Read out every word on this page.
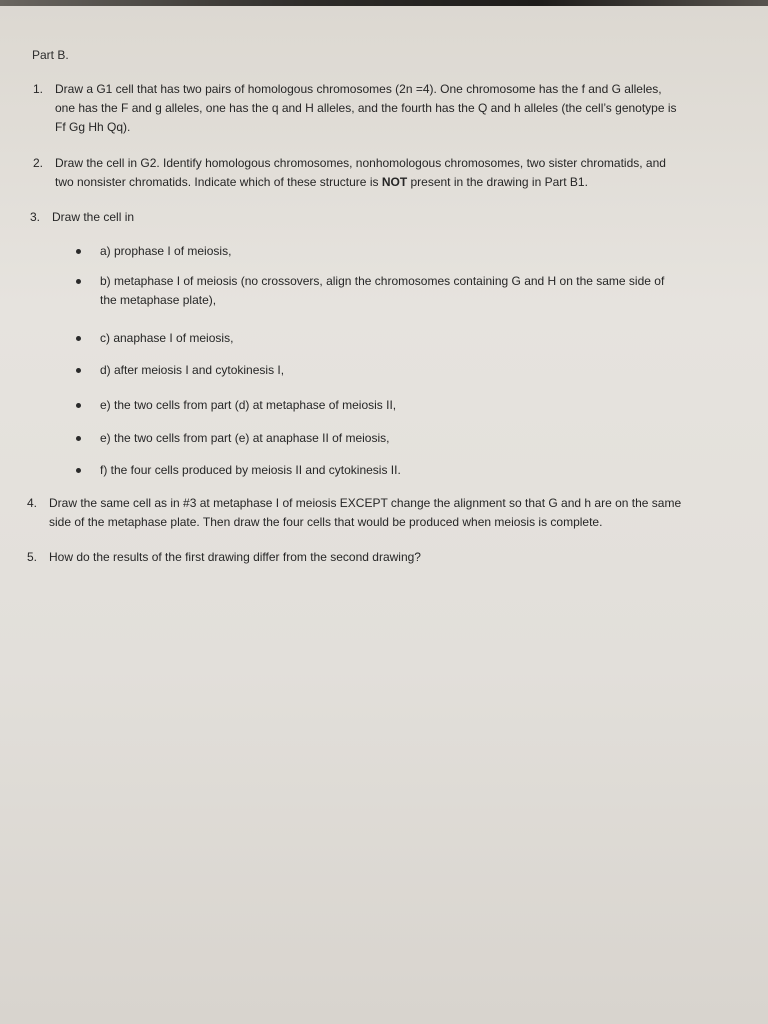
Part B.
1. Draw a G1 cell that has two pairs of homologous chromosomes (2n =4). One chromosome has the f and G alleles,
one has the F and g alleles, one has the q and H alleles, and the fourth has the Q and h alleles (the cell’s genotype is
Ff Gg Hh Qq).
2. Draw the cell in G2. Identify homologous chromosomes, nonhomologous chromosomes, two sister chromatids, and
two nonsister chromatids. Indicate which of these structure is NOT present in the drawing in Part B1.
3. Draw the cell in
a) prophase I of meiosis,
b) metaphase I of meiosis (no crossovers, align the chromosomes containing G and H on the same side of
the metaphase plate),
c) anaphase I of meiosis,
d) after meiosis I and cytokinesis I,
e) the two cells from part (d) at metaphase of meiosis II,
e) the two cells from part (e) at anaphase II of meiosis,
f) the four cells produced by meiosis II and cytokinesis II.
4. Draw the same cell as in #3 at metaphase I of meiosis EXCEPT change the alignment so that G and h are on the same
side of the metaphase plate. Then draw the four cells that would be produced when meiosis is complete.
5. How do the results of the first drawing differ from the second drawing?
